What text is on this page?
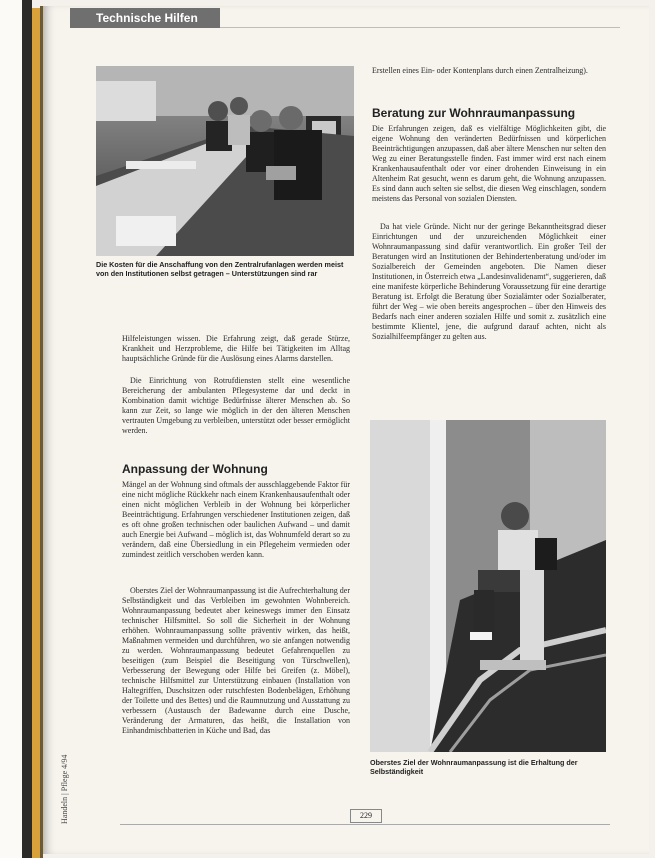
Technische Hilfen
Die Kosten für die Anschaffung von den Zentralrufanlagen werden meist von den Institutionen selbst getragen – Unterstützungen sind rar

Hilfeleistungen wissen. Die Erfahrung zeigt, daß gerade Stürze, Krankheit und Herzprobleme, die Hilfe bei Tätigkeiten im Alltag hauptsächliche Gründe für die Auslösung eines Alarms darstellen.

Die Einrichtung von Rotrufdiensten stellt eine wesentliche Bereicherung der ambulanten Pflegesysteme dar und deckt in Kombination damit wichtige Bedürfnisse älterer Menschen ab. So kann zur Zeit, so lange wie möglich in der den älteren Menschen vertrauten Umgebung zu verbleiben, unterstützt oder besser ermöglicht werden.

Anpassung der Wohnung

Mängel an der Wohnung sind oftmals der ausschlaggebende Faktor für eine nicht mögliche Rückkehr nach einem Krankenhausaufenthalt oder einen nicht möglichen Verbleib in der Wohnung bei körperlicher Beeinträchtigung. Erfahrungen verschiedener Institutionen zeigen, daß es oft ohne großen technischen oder baulichen Aufwand – und damit auch Energie bei Aufwand – möglich ist, das Wohnumfeld derart so zu verändern, daß eine Übersiedlung in ein Pflegeheim vermieden oder zumindest zeitlich verschoben werden kann.

Oberstes Ziel der Wohnraumanpassung ist die Aufrechterhaltung der Selbständigkeit und das Verbleiben im gewohnten Wohnbereich. Wohnraumanpassung bedeutet aber keineswegs immer den Einsatz technischer Hilfsmittel. So soll die Sicherheit in der Wohnung erhöhen. Wohnraumanpassung sollte präventiv wirken, das heißt, Maßnahmen vermeiden und durchführen, wo sie anfangen notwendig zu werden. Wohnraumanpassung bedeutet Gefahrenquellen zu beseitigen (zum Beispiel die Beseitigung von Türschwellen), Verbesserung der Bewegung oder Hilfe bei Greifen (z. Möbel), technische Hilfsmittel zur Unterstützung einbauen (Installation von Haltegriffen, Duschsitzen oder rutschfesten Bodenbelägen, Erhöhung der Toilette und des Bettes) und die Raumnutzung und Ausstattung zu verbessern (Austausch der Badewanne durch eine Dusche, Veränderung der Armaturen, das heißt, die Installation von Einhandmischbatterien in Küche und Bad, das

Erstellen eines Ein- oder Kontenplans durch einen Zentralheizung).

Beratung zur Wohnraumanpassung

Die Erfahrungen zeigen, daß es vielfältige Möglichkeiten gibt, die eigene Wohnung den veränderten Bedürfnissen und körperlichen Beeinträchtigungen anzupassen, daß aber ältere Menschen nur selten den Weg zu einer Beratungsstelle finden. Fast immer wird erst nach einem Krankenhausaufenthalt oder vor einer drohenden Einweisung in ein Altenheim Rat gesucht, wenn es darum geht, die Wohnung anzupassen. Es sind dann auch selten sie selbst, die diesen Weg einschlagen, sondern meistens das Personal von sozialen Diensten.

Da hat viele Gründe. Nicht nur der geringe Bekanntheitsgrad dieser Einrichtungen und der unzureichenden Möglichkeit einer Wohnraumanpassung sind dafür verantwortlich. Ein großer Teil der Beratungen wird an Institutionen der Behindertenberatung und/oder im Sozialbereich der Gemeinden angeboten. Die Namen dieser Institutionen, in Österreich etwa „Landesinvalidenamt“, suggerieren, daß eine manifeste körperliche Behinderung Voraussetzung für eine derartige Beratung ist. Erfolgt die Beratung über Sozialämter oder Sozialberater, führt der Weg – wie oben bereits angesprochen – über den Hinweis des Bedarfs nach einer anderen sozialen Hilfe und somit z. zusätzlich eine bestimmte Klientel, jene, die aufgrund darauf achten, nicht als Sozialhilfeempfänger zu gelten aus.

Oberstes Ziel der Wohnraumanpassung ist die Erhaltung der Selbständigkeit
Handeln | Pflege 4/94	229
